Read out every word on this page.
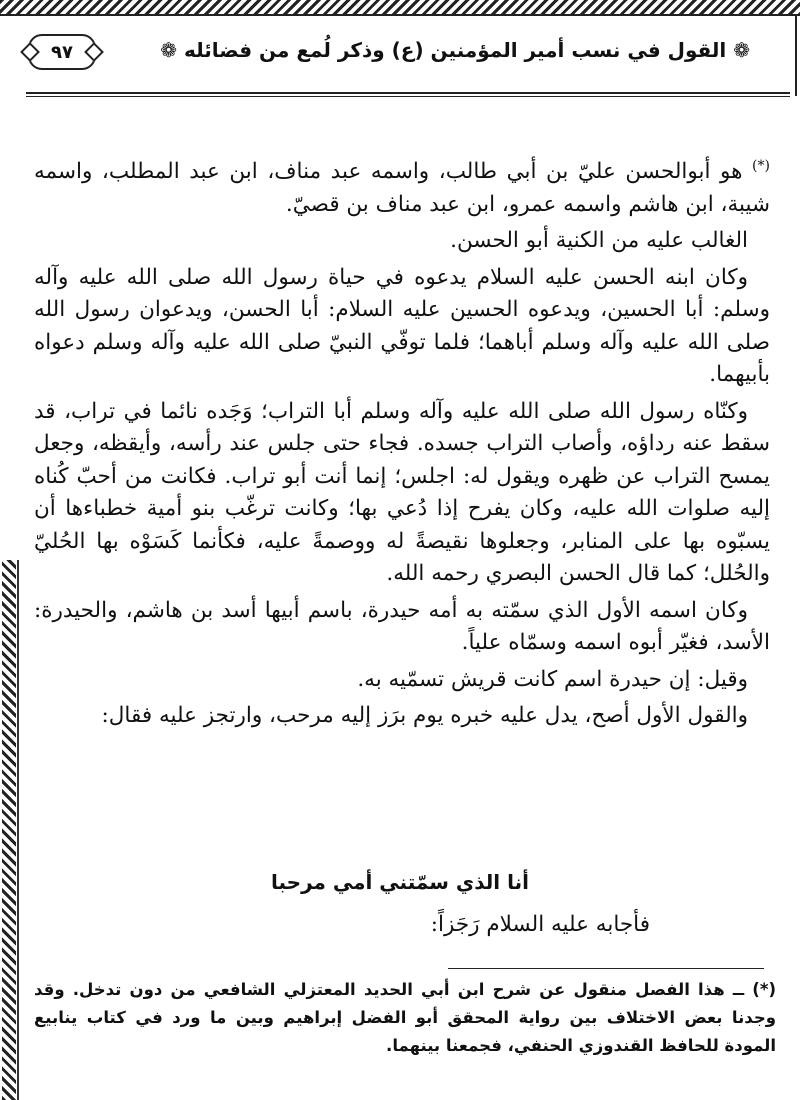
❁ القول في نسب أمير المؤمنين (ع) وذكر لُمع من فضائله ❁
٩٧

(*) هو أبوالحسن عليّ بن أبي طالب، واسمه عبد مناف، ابن عبد المطلب، واسمه شيبة، ابن هاشم واسمه عمرو، ابن عبد مناف بن قصيّ.

الغالب عليه من الكنية أبو الحسن.

وكان ابنه الحسن عليه السلام يدعوه في حياة رسول الله صلى الله عليه وآله وسلم: أبا الحسين، ويدعوه الحسين عليه السلام: أبا الحسن، ويدعوان رسول الله صلى الله عليه وآله وسلم أباهما؛ فلما توفّي النبيّ صلى الله عليه وآله وسلم دعواه بأبيهما.

وكنّاه رسول الله صلى الله عليه وآله وسلم أبا التراب؛ وَجَده نائما في تراب، قد سقط عنه رداؤه، وأصاب التراب جسده. فجاء حتى جلس عند رأسه، وأيقظه، وجعل يمسح التراب عن ظهره ويقول له: اجلس؛ إنما أنت أبو تراب. فكانت من أحبّ كُناه إليه صلوات الله عليه، وكان يفرح إذا دُعي بها؛ وكانت ترغّب بنو أمية خطباءها أن يسبّوه بها على المنابر، وجعلوها نقيصةً له ووصمةً عليه، فكأنما كَسَوْه بها الحُليّ والحُلل؛ كما قال الحسن البصري رحمه الله.

وكان اسمه الأول الذي سمّته به أمه حيدرة، باسم أبيها أسد بن هاشم، والحيدرة: الأسد، فغيّر أبوه اسمه وسمّاه علياً.

وقيل: إن حيدرة اسم كانت قريش تسمّيه به.

والقول الأول أصح، يدل عليه خبره يوم برَز إليه مرحب، وارتجز عليه فقال:

أنا الذي سمّتني أمي مرحبا
فأجابه عليه السلام رَجَزاً:
(*) ــ هذا الفصل منقول عن شرح ابن أبي الحديد المعتزلي الشافعي من دون تدخل. وقد وجدنا بعض الاختلاف بين رواية المحقق أبو الفضل إبراهيم وبين ما ورد في كتاب ينابيع المودة للحافظ القندوزي الحنفي، فجمعنا بينهما.
